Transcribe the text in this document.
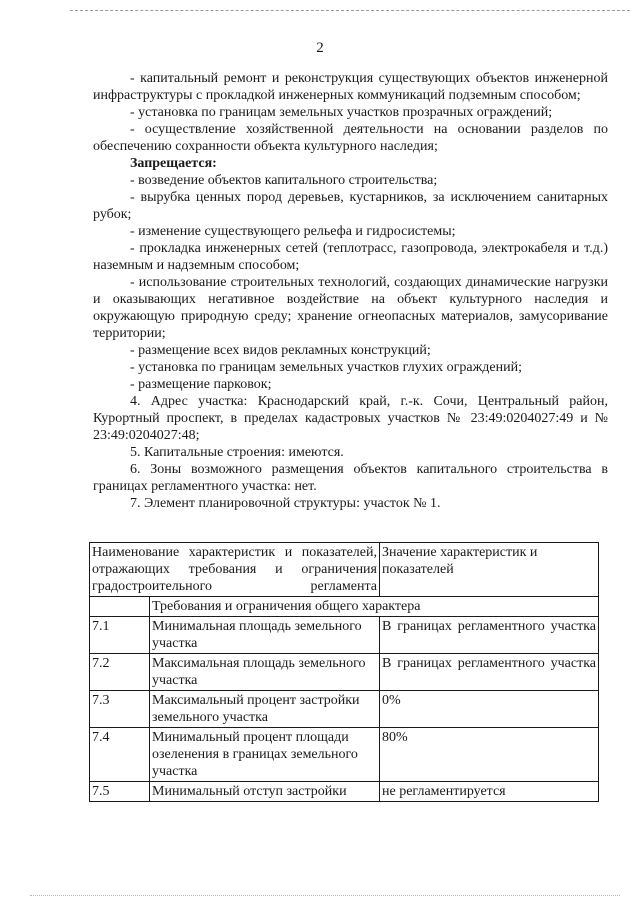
2

- капитальный ремонт и реконструкция существующих объектов инженерной инфраструктуры с прокладкой инженерных коммуникаций подземным способом;

- установка по границам земельных участков прозрачных ограждений;

- осуществление хозяйственной деятельности на основании разделов по обеспечению сохранности объекта культурного наследия;

Запрещается:

- возведение объектов капитального строительства;

- вырубка ценных пород деревьев, кустарников, за исключением санитарных рубок;

- изменение существующего рельефа и гидросистемы;

- прокладка инженерных сетей (теплотрасс, газопровода, электрокабеля и т.д.) наземным и надземным способом;

- использование строительных технологий, создающих динамические нагрузки и оказывающих негативное воздействие на объект культурного наследия и окружающую природную среду; хранение огнеопасных материалов, замусоривание территории;

- размещение всех видов рекламных конструкций;

- установка по границам земельных участков глухих ограждений;

- размещение парковок;

4. Адрес участка: Краснодарский край, г.-к. Сочи, Центральный район, Курортный проспект, в пределах кадастровых участков № 23:49:0204027:49 и № 23:49:0204027:48;

5. Капитальные строения: имеются.

6. Зоны возможного размещения объектов капитального строительства в границах регламентного участка: нет.

7. Элемент планировочной структуры: участок № 1.

Наименование характеристик и показателей, отражающих требования и ограничения градостроительного регламента		Значение характеристик и показателей
	Требования и ограничения общего характера	
7.1	Минимальная площадь земельного участка	В границах регламентного участка
7.2	Максимальная площадь земельного участка	В границах регламентного участка
7.3	Максимальный процент застройки земельного участка	0%
7.4	Минимальный процент площади озеленения в границах земельного участка	80%
7.5	Минимальный отступ застройки	не регламентируется
